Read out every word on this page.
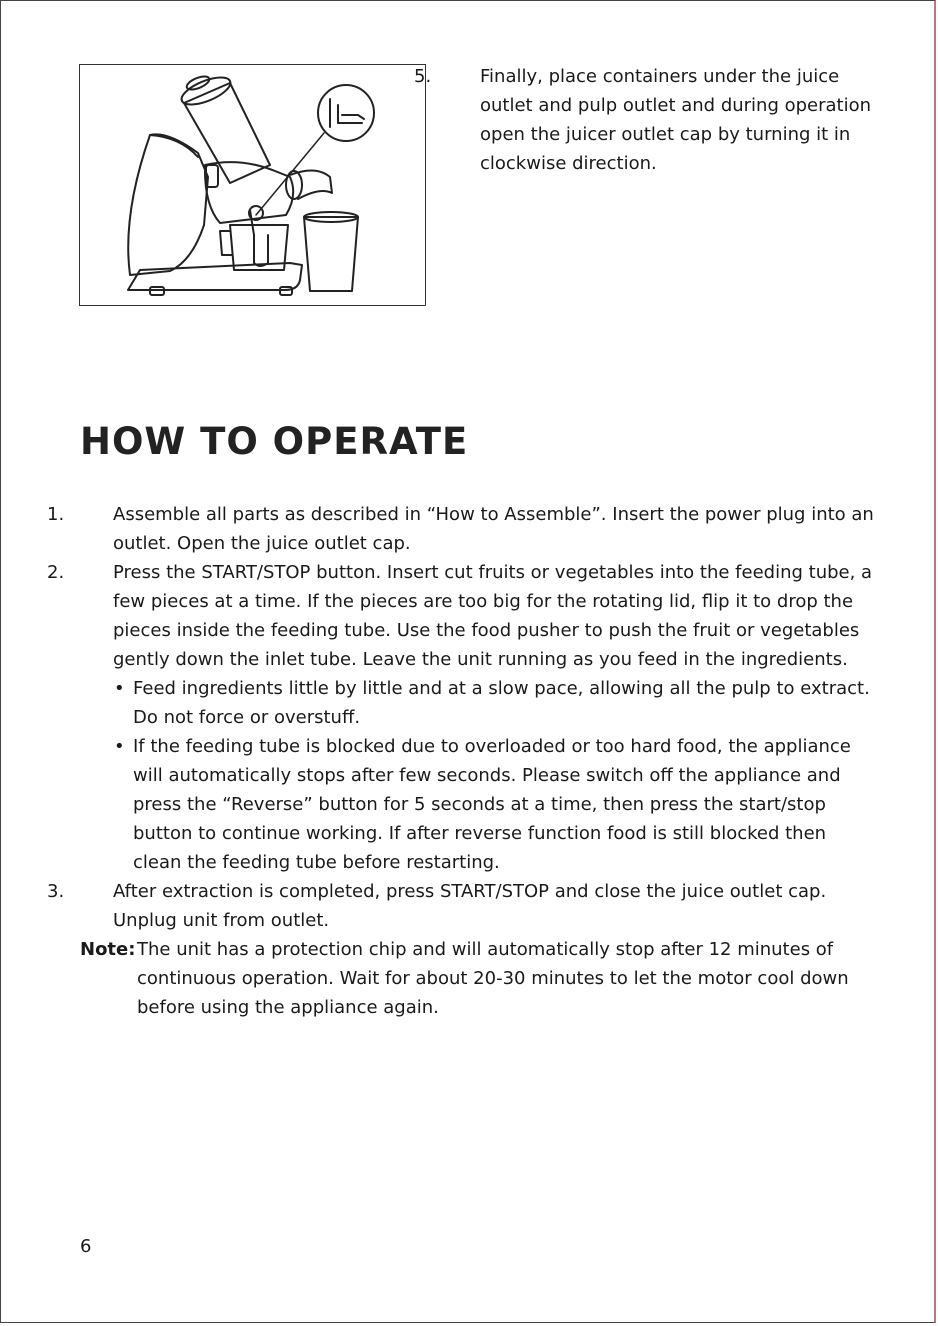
5.	Finally, place containers under the juice outlet and pulp outlet and during operation open the juicer outlet cap by turning it in clockwise direction.

HOW TO OPERATE

1.	Assemble all parts as described in “How to Assemble”. Insert the power plug into an outlet. Open the juice outlet cap.

2.	Press the START/STOP button. Insert cut fruits or vegetables into the feeding tube, a few pieces at a time. If the pieces are too big for the rotating lid, flip it to drop the pieces inside the feeding tube. Use the food pusher to push the fruit or vegetables gently down the inlet tube. Leave the unit running as you feed in the ingredients.

• Feed ingredients little by little and at a slow pace, allowing all the pulp to extract. Do not force or overstuff.

• If the feeding tube is blocked due to overloaded or too hard food, the appliance will automatically stops after few seconds. Please switch off the appliance and press the “Reverse” button for 5 seconds at a time, then press the start/stop button to continue working. If after reverse function food is still blocked then clean the feeding tube before restarting.

3.	After extraction is completed, press START/STOP and close the juice outlet cap. Unplug unit from outlet.

Note:The unit has a protection chip and will automatically stop after 12 minutes of continuous operation. Wait for about 20-30 minutes to let the motor cool down before using the appliance again.

6
